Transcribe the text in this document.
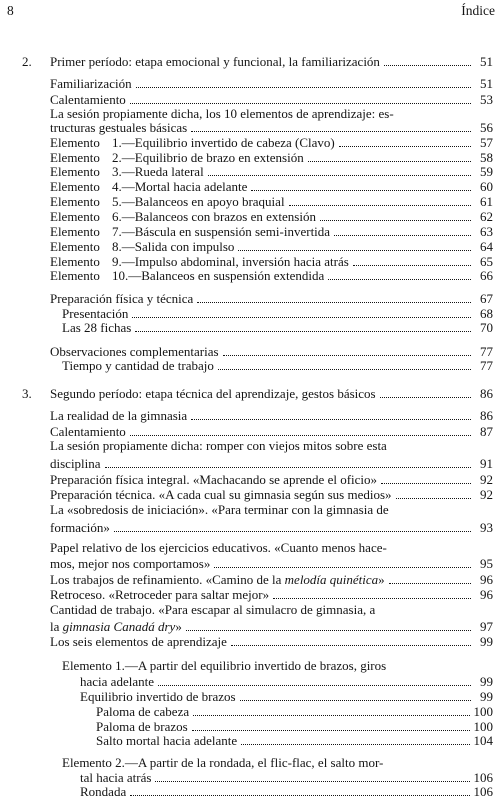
8	Índice
2. Primer período: etapa emocional y funcional, la familiarización	51
Familiarización	51
Calentamiento	53
La sesión propiamente dicha, los 10 elementos de aprendizaje: es-
tructuras gestuales básicas	56
Elemento 1.—Equilibrio invertido de cabeza (Clavo)	57
Elemento 2.—Equilibrio de brazo en extensión	58
Elemento 3.—Rueda lateral	59
Elemento 4.—Mortal hacia adelante	60
Elemento 5.—Balanceos en apoyo braquial	61
Elemento 6.—Balanceos con brazos en extensión	62
Elemento 7.—Báscula en suspensión semi-invertida	63
Elemento 8.—Salida con impulso	64
Elemento 9.—Impulso abdominal, inversión hacia atrás	65
Elemento 10.—Balanceos en suspensión extendida	66
Preparación física y técnica	67
Presentación	68
Las 28 fichas	70
Observaciones complementarias	77
Tiempo y cantidad de trabajo	77
3. Segundo período: etapa técnica del aprendizaje, gestos básicos	86
La realidad de la gimnasia	86
Calentamiento	87
La sesión propiamente dicha: romper con viejos mitos sobre esta
disciplina	91
Preparación física integral. «Machacando se aprende el oficio»	92
Preparación técnica. «A cada cual su gimnasia según sus medios»	92
La «sobredosis de iniciación». «Para terminar con la gimnasia de
formación»	93
Papel relativo de los ejercicios educativos. «Cuanto menos hace-
mos, mejor nos comportamos»	95
Los trabajos de refinamiento. «Camino de la melodía quinética»	96
Retroceso. «Retroceder para saltar mejor»	96
Cantidad de trabajo. «Para escapar al simulacro de gimnasia, a
la gimnasia Canadá dry»	97
Los seis elementos de aprendizaje	99
Elemento 1.—A partir del equilibrio invertido de brazos, giros
hacia adelante	99
Equilibrio invertido de brazos	99
Paloma de cabeza	100
Paloma de brazos	100
Salto mortal hacia adelante	104
Elemento 2.—A partir de la rondada, el flic-flac, el salto mor-
tal hacia atrás	106
Rondada	106
